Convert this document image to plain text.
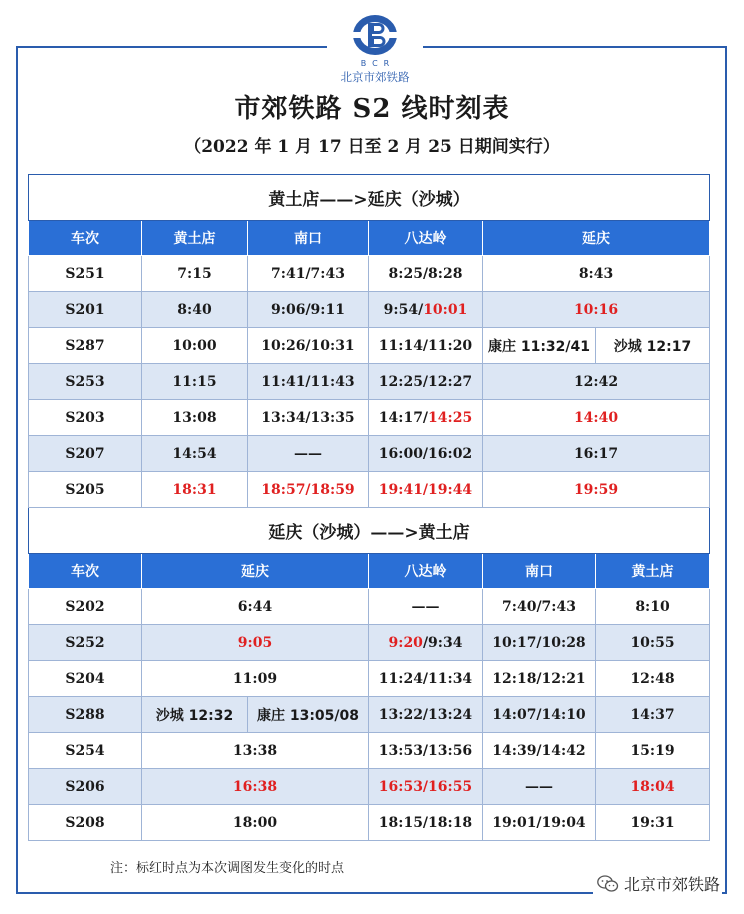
BCR
北京市郊铁路
市郊铁路 S2 线时刻表
（2022 年 1 月 17 日至 2 月 25 日期间实行）
黄土店——>延庆（沙城）					
车次	黄土店	南口	八达岭	延庆	
S251	7:15	7:41/7:43	8:25/8:28	8:43	
S201	8:40	9:06/9:11	9:54/10:01	10:16	
S287	10:00	10:26/10:31	11:14/11:20	康庄 11:32/41	沙城 12:17
S253	11:15	11:41/11:43	12:25/12:27	12:42	
S203	13:08	13:34/13:35	14:17/14:25	14:40	
S207	14:54	——	16:00/16:02	16:17	
S205	18:31	18:57/18:59	19:41/19:44	19:59	
延庆（沙城）——>黄土店					
车次	延庆		八达岭	南口	黄土店
S202	6:44		——	7:40/7:43	8:10
S252	9:05		9:20/9:34	10:17/10:28	10:55
S204	11:09		11:24/11:34	12:18/12:21	12:48
S288	沙城 12:32	康庄 13:05/08	13:22/13:24	14:07/14:10	14:37
S254	13:38		13:53/13:56	14:39/14:42	15:19
S206	16:38		16:53/16:55	——	18:04
S208	18:00		18:15/18:18	19:01/19:04	19:31
注：标红时点为本次调图发生变化的时点
北京市郊铁路
